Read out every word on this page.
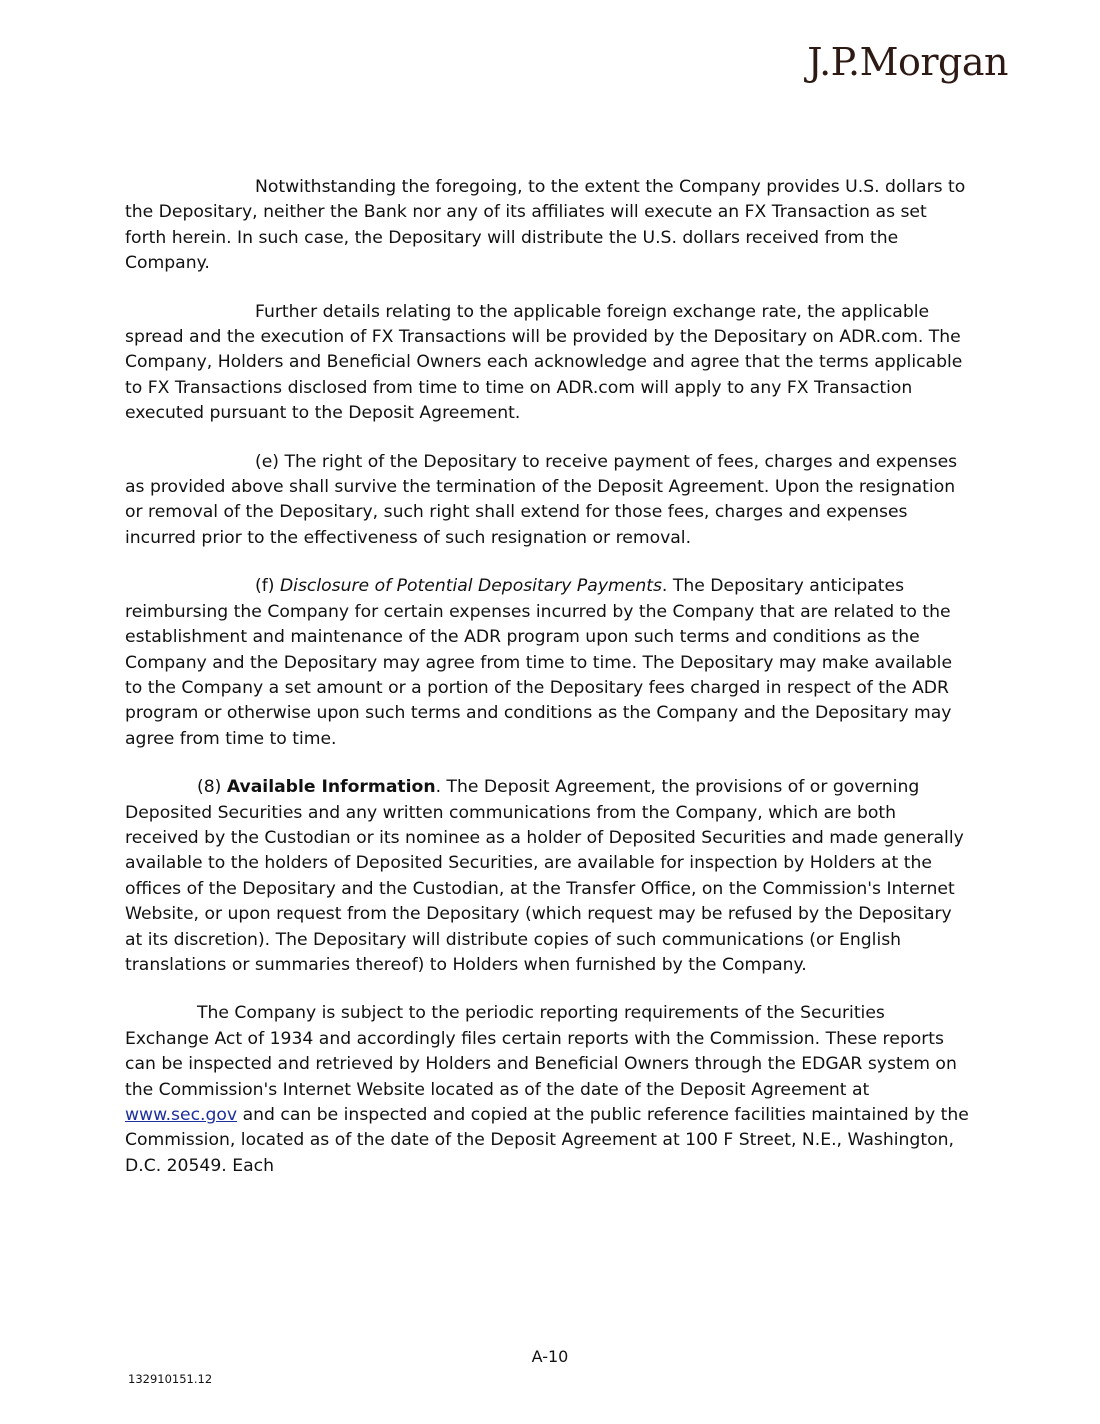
J.P.Morgan

Notwithstanding the foregoing, to the extent the Company provides U.S. dollars to the Depositary, neither the Bank nor any of its affiliates will execute an FX Transaction as set forth herein. In such case, the Depositary will distribute the U.S. dollars received from the Company.

Further details relating to the applicable foreign exchange rate, the applicable spread and the execution of FX Transactions will be provided by the Depositary on ADR.com. The Company, Holders and Beneficial Owners each acknowledge and agree that the terms applicable to FX Transactions disclosed from time to time on ADR.com will apply to any FX Transaction executed pursuant to the Deposit Agreement.

(e) The right of the Depositary to receive payment of fees, charges and expenses as provided above shall survive the termination of the Deposit Agreement. Upon the resignation or removal of the Depositary, such right shall extend for those fees, charges and expenses incurred prior to the effectiveness of such resignation or removal.

(f) Disclosure of Potential Depositary Payments. The Depositary anticipates reimbursing the Company for certain expenses incurred by the Company that are related to the establishment and maintenance of the ADR program upon such terms and conditions as the Company and the Depositary may agree from time to time. The Depositary may make available to the Company a set amount or a portion of the Depositary fees charged in respect of the ADR program or otherwise upon such terms and conditions as the Company and the Depositary may agree from time to time.

(8) Available Information. The Deposit Agreement, the provisions of or governing Deposited Securities and any written communications from the Company, which are both received by the Custodian or its nominee as a holder of Deposited Securities and made generally available to the holders of Deposited Securities, are available for inspection by Holders at the offices of the Depositary and the Custodian, at the Transfer Office, on the Commission's Internet Website, or upon request from the Depositary (which request may be refused by the Depositary at its discretion). The Depositary will distribute copies of such communications (or English translations or summaries thereof) to Holders when furnished by the Company.

The Company is subject to the periodic reporting requirements of the Securities Exchange Act of 1934 and accordingly files certain reports with the Commission. These reports can be inspected and retrieved by Holders and Beneficial Owners through the EDGAR system on the Commission's Internet Website located as of the date of the Deposit Agreement at www.sec.gov and can be inspected and copied at the public reference facilities maintained by the Commission, located as of the date of the Deposit Agreement at 100 F Street, N.E., Washington, D.C. 20549. Each

A-10
132910151.12
